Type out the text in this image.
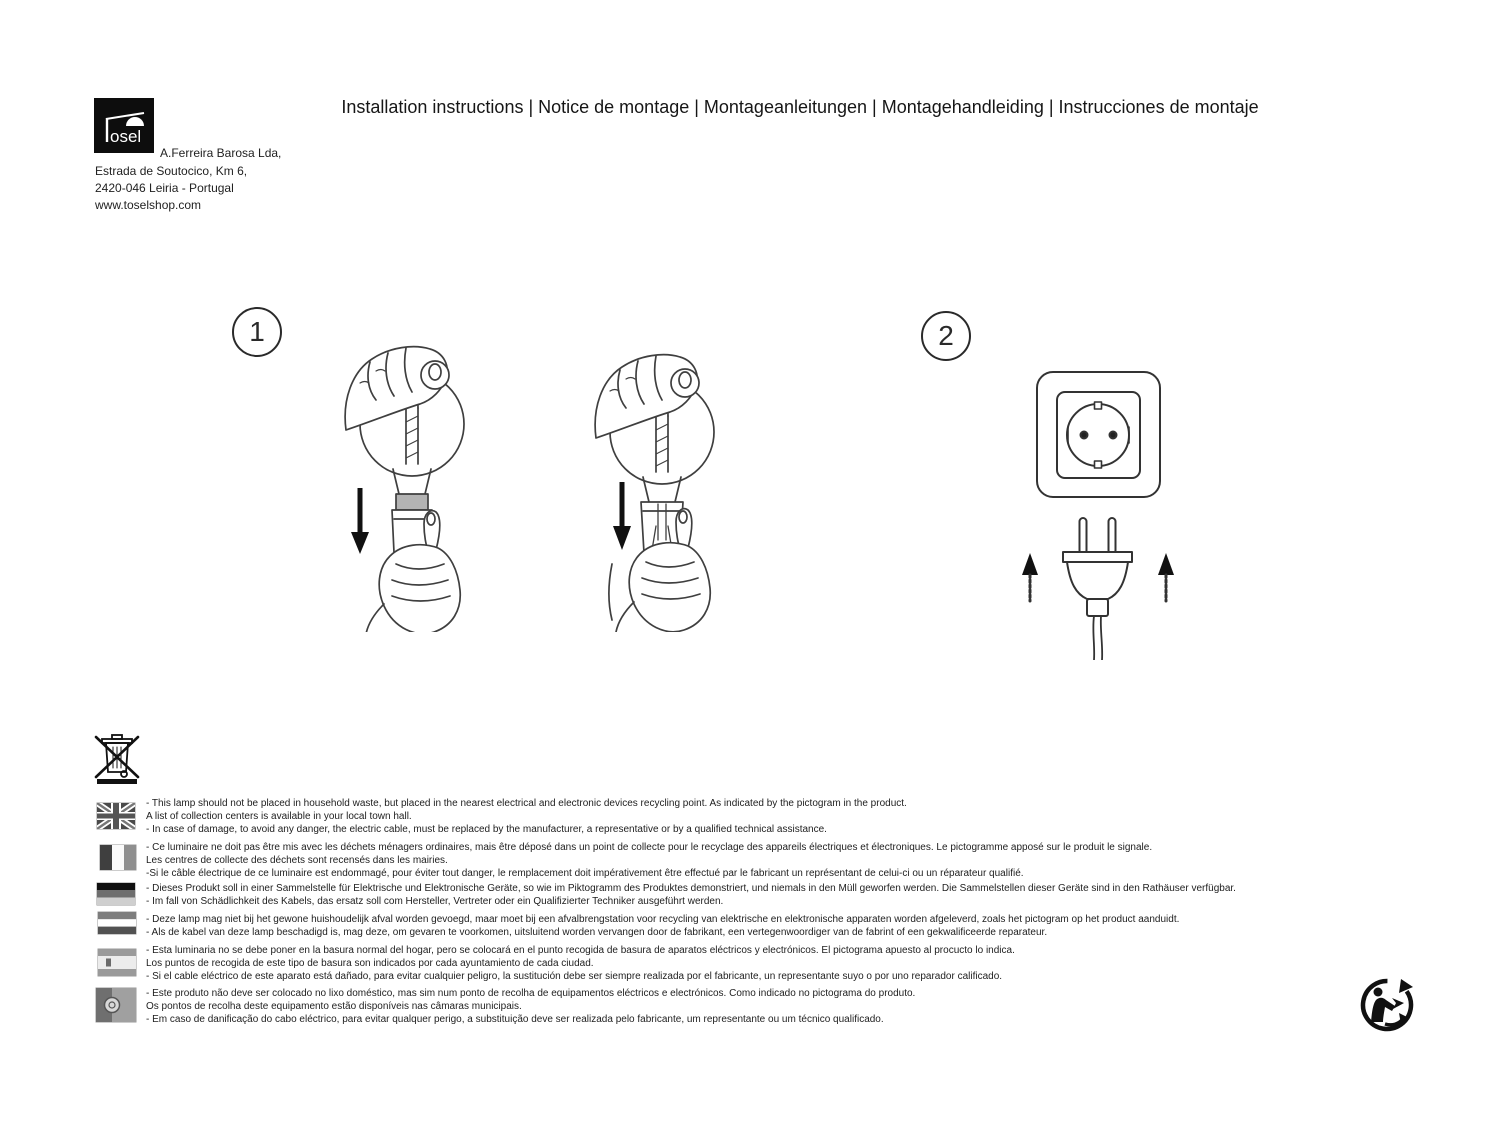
osel
Installation instructions | Notice de montage | Montageanleitungen | Montagehandleiding | Instrucciones de montaje
A.Ferreira Barosa Lda,
Estrada de Soutocico, Km 6,
2420-046 Leiria - Portugal
www.toselshop.com
1	2
- This lamp should not be placed in household waste, but placed in the nearest electrical and electronic devices recycling point. As indicated by the pictogram in the product.
A list of collection centers is available in your local town hall.
- In case of damage, to avoid any danger, the electric cable, must be replaced by the manufacturer, a representative or by a qualified technical assistance.
- Ce luminaire ne doit pas être mis avec les déchets ménagers ordinaires, mais être déposé dans un point de collecte pour le recyclage des appareils électriques et électroniques. Le pictogramme apposé sur le produit le signale.
Les centres de collecte des déchets sont recensés dans les mairies.
-Si le câble électrique de ce luminaire est endommagé, pour éviter tout danger, le remplacement doit impérativement être effectué par le fabricant un représentant de celui-ci ou un réparateur qualifié.
- Dieses Produkt soll in einer Sammelstelle für Elektrische und Elektronische Geräte, so wie im Piktogramm des Produktes demonstriert, und niemals in den Müll geworfen werden. Die Sammelstellen dieser Geräte sind in den Rathäuser verfügbar.
- Im fall von Schädlichkeit des Kabels, das ersatz soll com Hersteller, Vertreter oder ein Qualifizierter Techniker ausgeführt werden.
- Deze lamp mag niet bij het gewone huishoudelijk afval worden gevoegd, maar moet bij een afvalbrengstation voor recycling van elektrische en elektronische apparaten worden afgeleverd, zoals het pictogram op het product aanduidt.
- Als de kabel van deze lamp beschadigd is, mag deze, om gevaren te voorkomen, uitsluitend worden vervangen door de fabrikant, een vertegenwoordiger van de fabrint of een gekwalificeerde reparateur.
- Esta luminaria no se debe poner en la basura normal del hogar, pero se colocará en el punto recogida de basura de aparatos eléctricos y electrónicos. El pictograma apuesto al procucto lo indica.
Los puntos de recogida de este tipo de basura son indicados por cada ayuntamiento de cada ciudad.
- Si el cable eléctrico de este aparato está dañado, para evitar cualquier peligro, la sustitución debe ser siempre realizada por el fabricante, un representante suyo o por uno reparador calificado.
- Este produto não deve ser colocado no lixo doméstico, mas sim num ponto de recolha de equipamentos eléctricos e electrónicos. Como indicado no pictograma do produto.
Os pontos de recolha deste equipamento estão disponíveis nas câmaras municipais.
- Em caso de danificação do cabo eléctrico, para evitar qualquer perigo, a substituição deve ser realizada pelo fabricante, um representante ou um técnico qualificado.
